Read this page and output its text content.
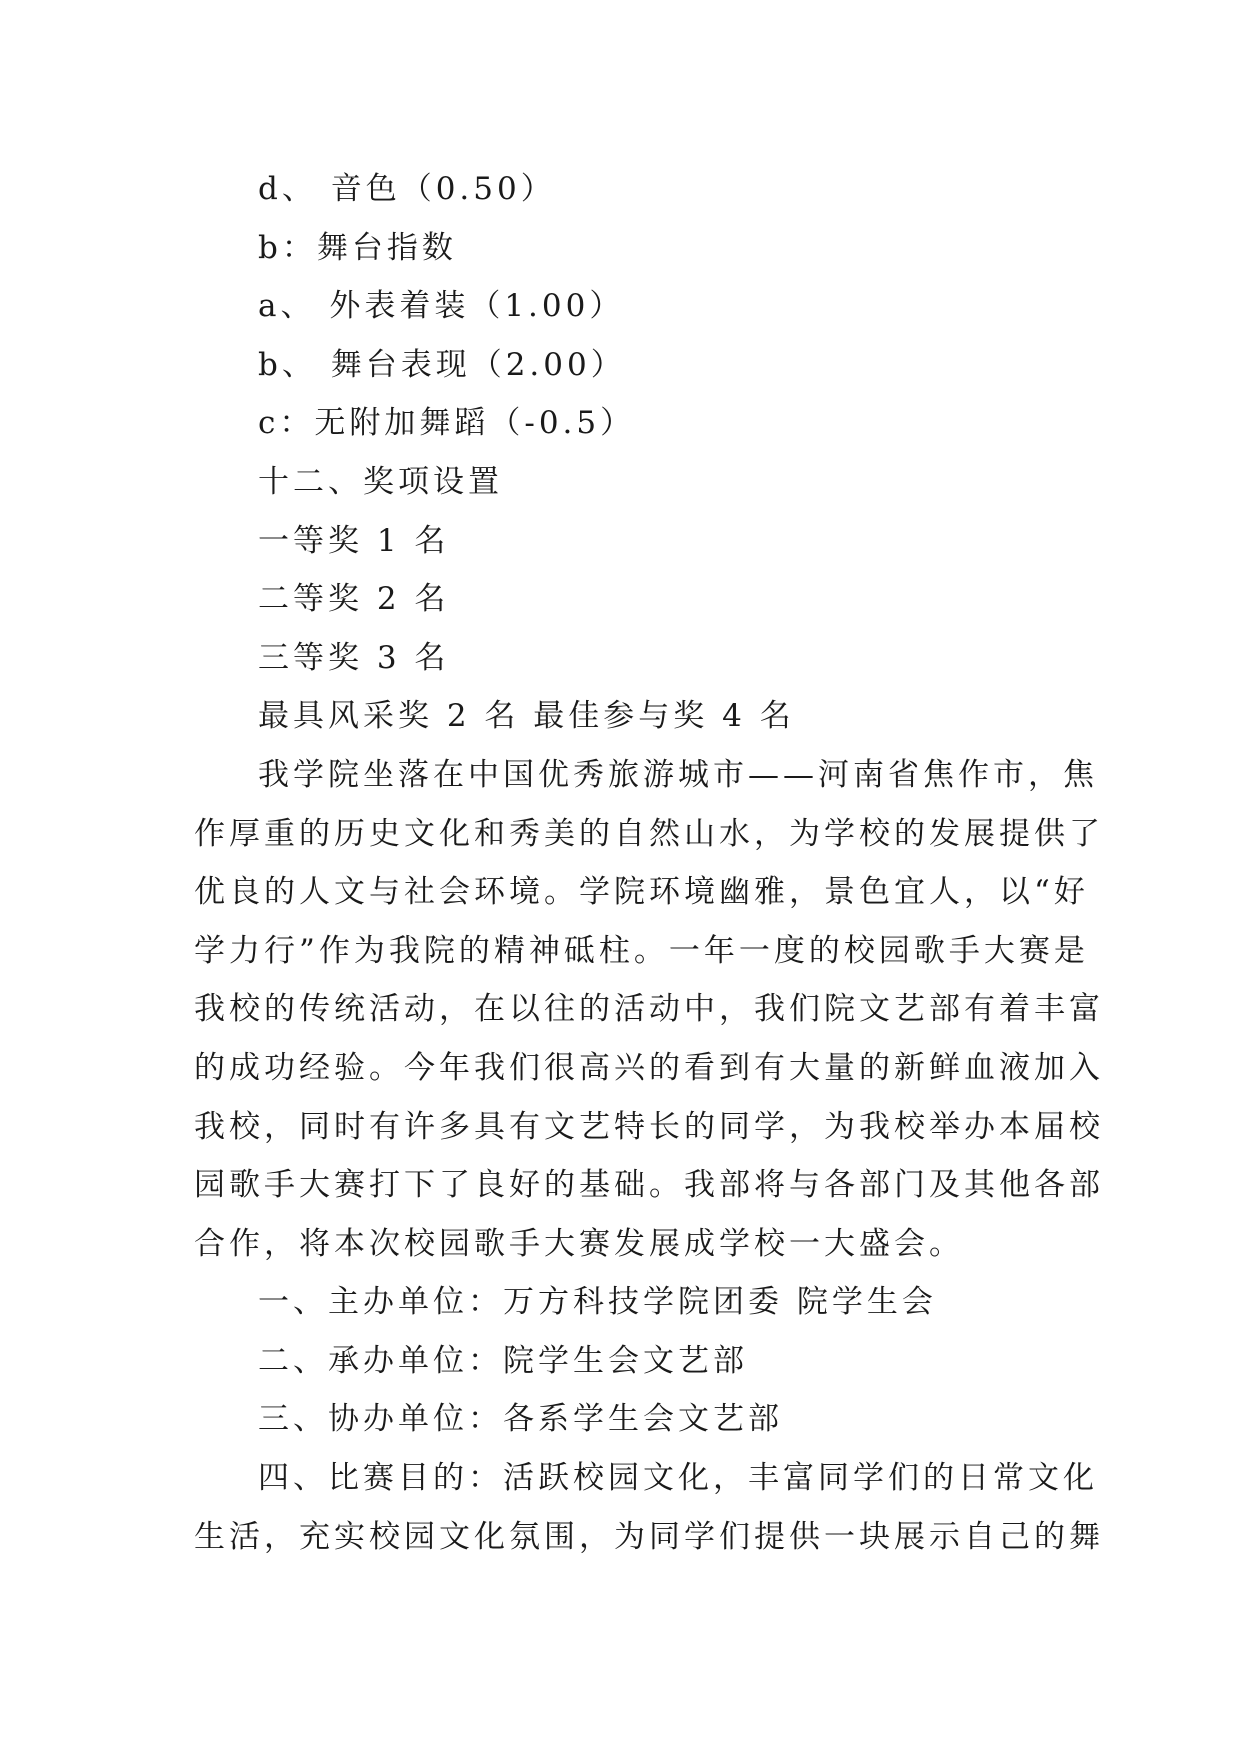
d、 音色（0.50）
b：舞台指数
a、 外表着装（1.00）
b、 舞台表现（2.00）
c：无附加舞蹈（-0.5）
十二、奖项设置
一等奖 1 名
二等奖 2 名
三等奖 3 名
最具风采奖 2 名 最佳参与奖 4 名
我学院坐落在中国优秀旅游城市——河南省焦作市，焦
作厚重的历史文化和秀美的自然山水，为学校的发展提供了
优良的人文与社会环境。学院环境幽雅，景色宜人，以“好
学力行”作为我院的精神砥柱。一年一度的校园歌手大赛是
我校的传统活动，在以往的活动中，我们院文艺部有着丰富
的成功经验。今年我们很高兴的看到有大量的新鲜血液加入
我校，同时有许多具有文艺特长的同学，为我校举办本届校
园歌手大赛打下了良好的基础。我部将与各部门及其他各部
合作，将本次校园歌手大赛发展成学校一大盛会。
一、主办单位：万方科技学院团委 院学生会
二、承办单位：院学生会文艺部
三、协办单位：各系学生会文艺部
四、比赛目的：活跃校园文化，丰富同学们的日常文化
生活，充实校园文化氛围，为同学们提供一块展示自己的舞
